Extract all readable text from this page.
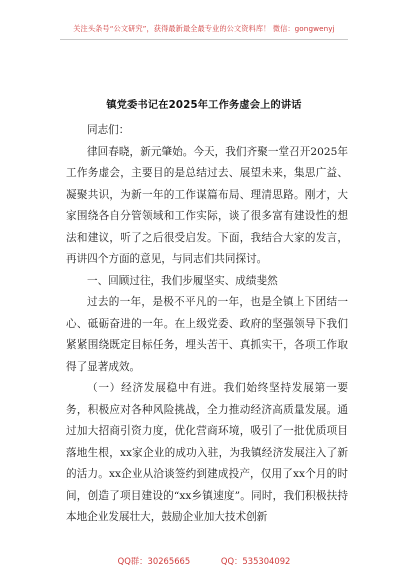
关注头条号“公文研究”，获得最新最全最专业的公文资料库！ 微信：gongwenyj
镇党委书记在2025年工作务虚会上的讲话

同志们：

律回春晓，新元肇始。今天，我们齐聚一堂召开2025年工作务虚会，主要目的是总结过去、展望未来，集思广益、凝聚共识，为新一年的工作谋篇布局、理清思路。刚才，大家围绕各自分管领域和工作实际，谈了很多富有建设性的想法和建议，听了之后很受启发。下面，我结合大家的发言，再讲四个方面的意见，与同志们共同探讨。

一、回顾过往，我们步履坚实、成绩斐然

过去的一年，是极不平凡的一年，也是全镇上下团结一心、砥砺奋进的一年。在上级党委、政府的坚强领导下我们紧紧围绕既定目标任务，埋头苦干、真抓实干，各项工作取得了显著成效。

（一）经济发展稳中有进。我们始终坚持发展第一要务，积极应对各种风险挑战，全力推动经济高质量发展。通过加大招商引资力度，优化营商环境，吸引了一批优质项目落地生根，xx家企业的成功入驻，为我镇经济发展注入了新的活力。xx企业从洽谈签约到建成投产，仅用了xx个月的时间，创造了项目建设的“xx乡镇速度”。同时，我们积极扶持本地企业发展壮大，鼓励企业加大技术创新

QQ群：30265665	QQ：535304092
